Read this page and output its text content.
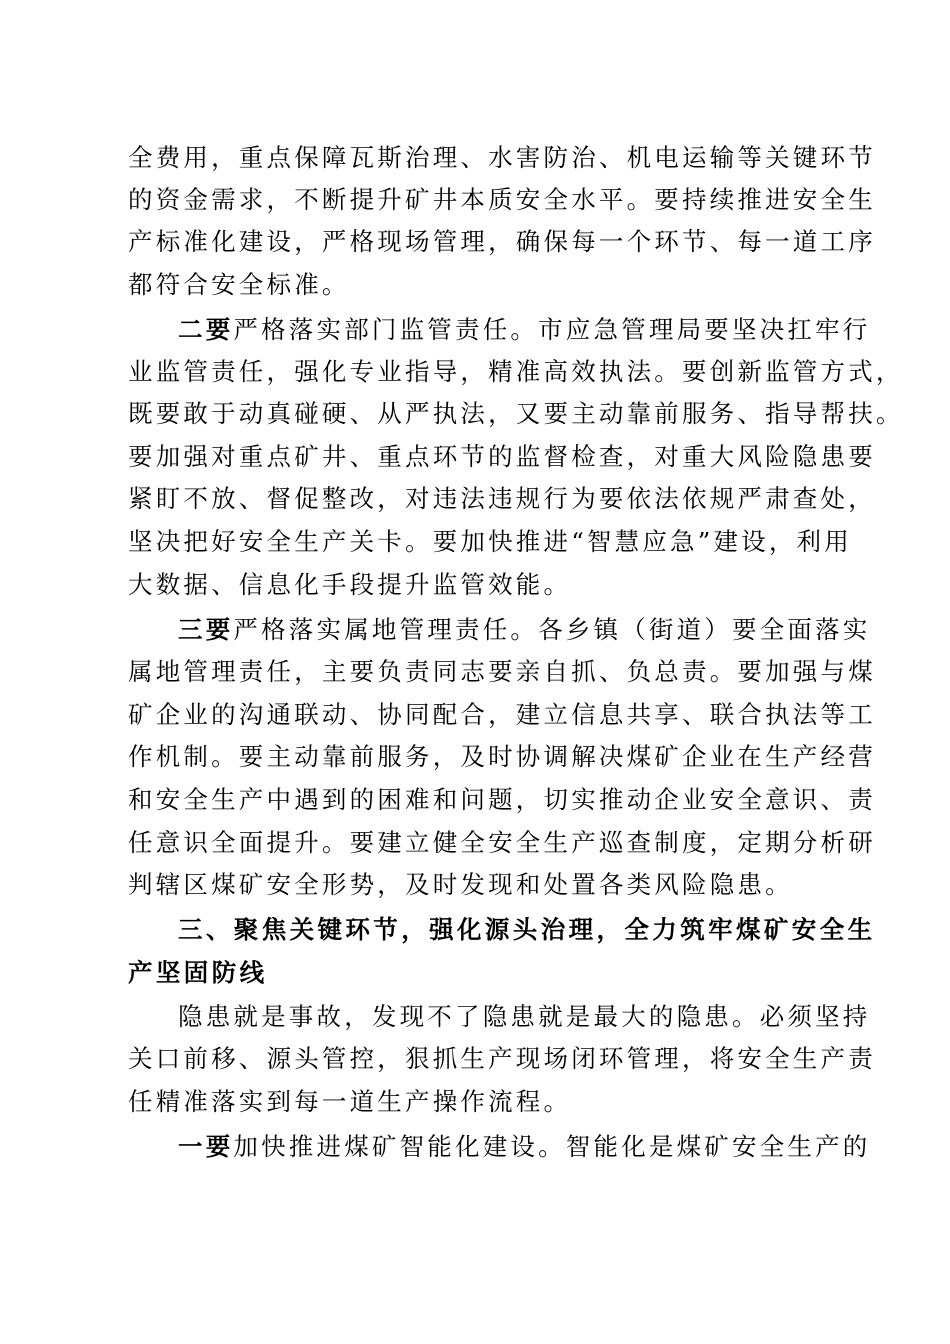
全费用，重点保障瓦斯治理、水害防治、机电运输等关键环节
的资金需求，不断提升矿井本质安全水平。要持续推进安全生
产标准化建设，严格现场管理，确保每一个环节、每一道工序
都符合安全标准。
二要严格落实部门监管责任。市应急管理局要坚决扛牢行
业监管责任，强化专业指导，精准高效执法。要创新监管方式，
既要敢于动真碰硬、从严执法，又要主动靠前服务、指导帮扶。
要加强对重点矿井、重点环节的监督检查，对重大风险隐患要
紧盯不放、督促整改，对违法违规行为要依法依规严肃查处，
坚决把好安全生产关卡。要加快推进“智慧应急”建设，利用
大数据、信息化手段提升监管效能。
三要严格落实属地管理责任。各乡镇（街道）要全面落实
属地管理责任，主要负责同志要亲自抓、负总责。要加强与煤
矿企业的沟通联动、协同配合，建立信息共享、联合执法等工
作机制。要主动靠前服务，及时协调解决煤矿企业在生产经营
和安全生产中遇到的困难和问题，切实推动企业安全意识、责
任意识全面提升。要建立健全安全生产巡查制度，定期分析研
判辖区煤矿安全形势，及时发现和处置各类风险隐患。
三、聚焦关键环节，强化源头治理，全力筑牢煤矿安全生
产坚固防线
隐患就是事故，发现不了隐患就是最大的隐患。必须坚持
关口前移、源头管控，狠抓生产现场闭环管理，将安全生产责
任精准落实到每一道生产操作流程。
一要加快推进煤矿智能化建设。智能化是煤矿安全生产的
